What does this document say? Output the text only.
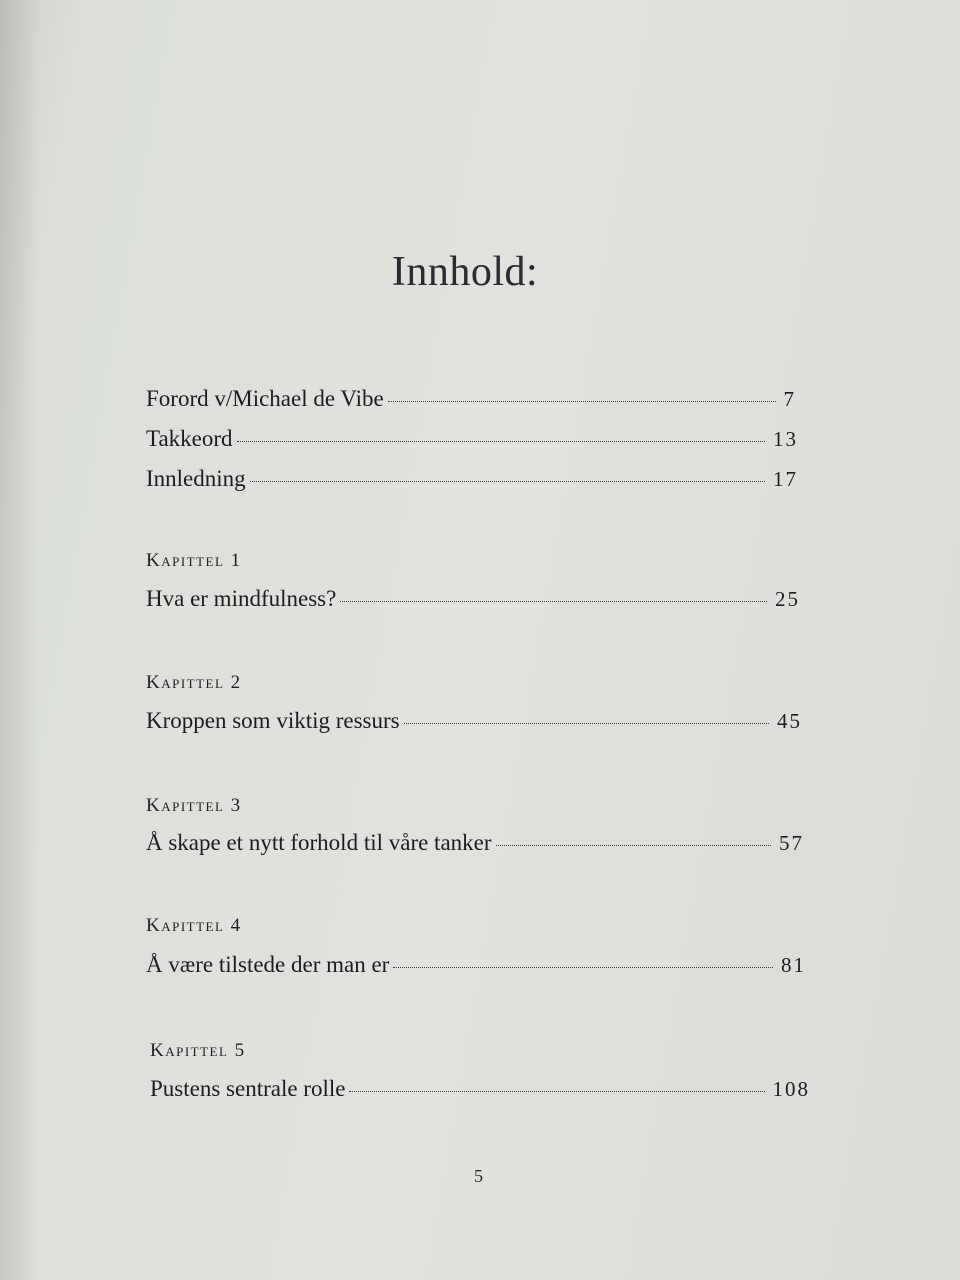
Innhold:
Forord v/Michael de Vibe	7
Takkeord	13
Innledning	17
Kapittel 1
Hva er mindfulness?	25
Kapittel 2
Kroppen som viktig ressurs	45
Kapittel 3
Å skape et nytt forhold til våre tanker	57
Kapittel 4
Å være tilstede der man er	81
Kapittel 5
Pustens sentrale rolle	108
5
